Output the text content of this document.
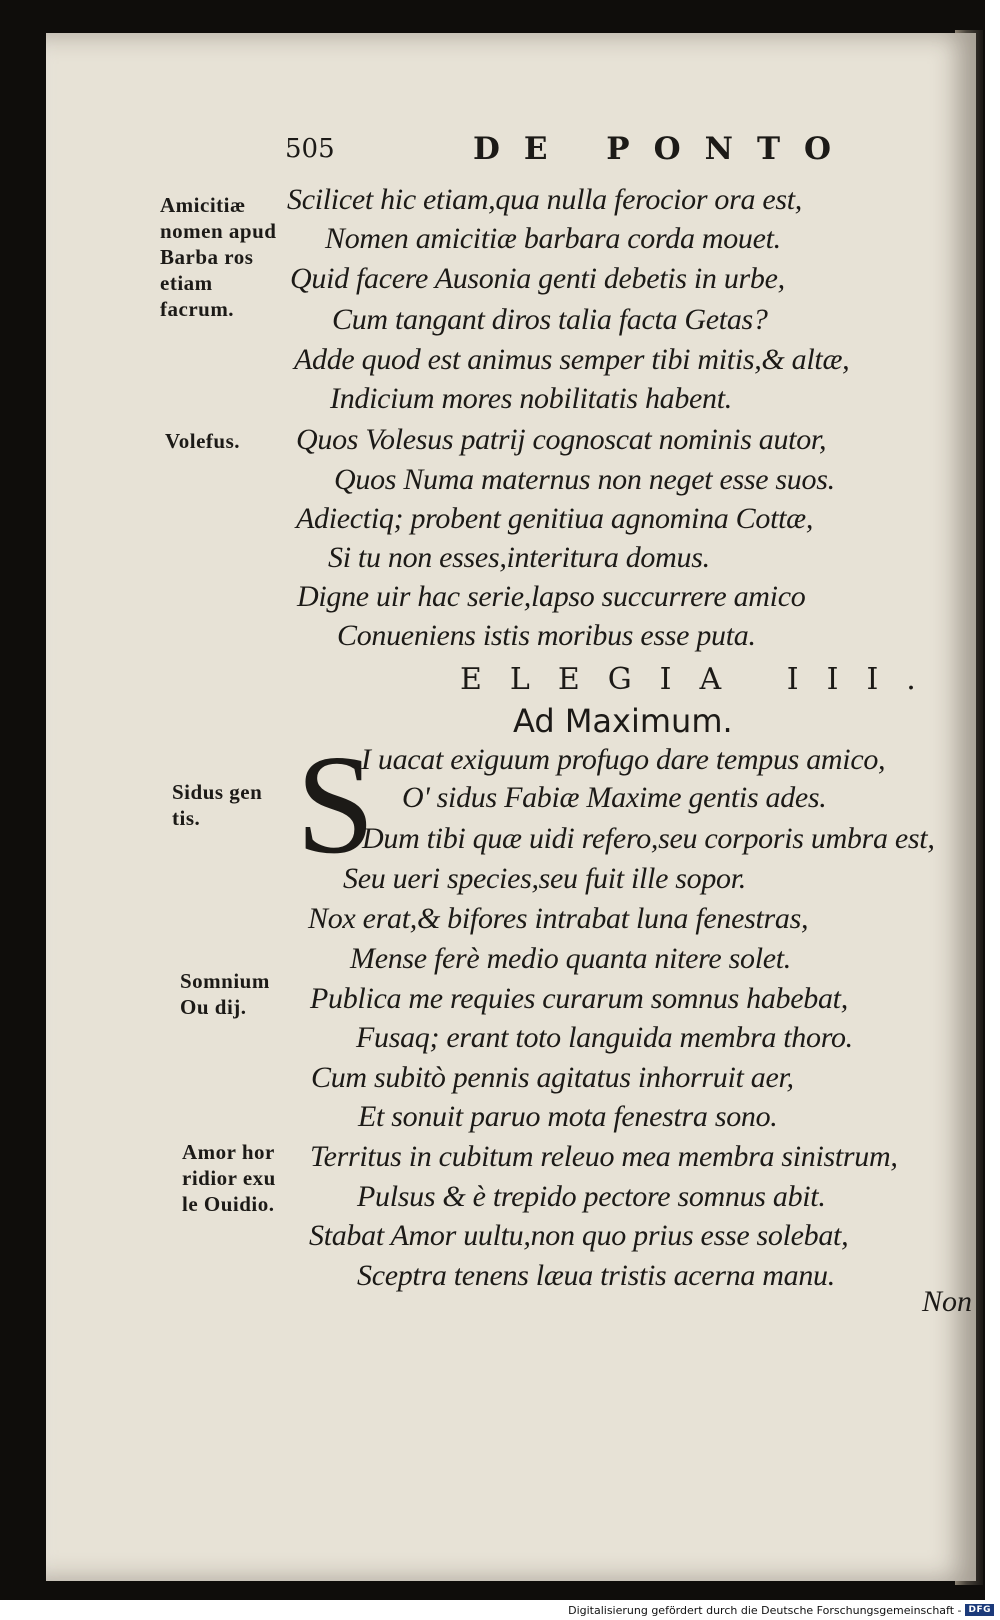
505	DE PONTO
Amicitiæ nomen apud Barba ros etiam facrum.
Volefus.
Sidus gen tis.
Somnium Ou dij.
Amor hor ridior exu le Ouidio.
Scilicet hic etiam,qua nulla ferocior ora est,
Nomen amicitiæ barbara corda mouet.
Quid facere Ausonia genti debetis in urbe,
Cum tangant diros talia facta Getas?
Adde quod est animus semper tibi mitis,& altæ,
Indicium mores nobilitatis habent.
Quos Volesus patrij cognoscat nominis autor,
Quos Numa maternus non neget esse suos.
Adiectiq; probent genitiua agnomina Cottæ,
Si tu non esses,interitura domus.
Digne uir hac serie,lapso succurrere amico
Conueniens istis moribus esse puta.
ELEGIA III.
Ad Maximum.
S
I uacat exiguum profugo dare tempus amico,
O' sidus Fabiæ Maxime gentis ades.
Dum tibi quæ uidi refero,seu corporis umbra est,
Seu ueri species,seu fuit ille sopor.
Nox erat,& bifores intrabat luna fenestras,
Mense ferè medio quanta nitere solet.
Publica me requies curarum somnus habebat,
Fusaq; erant toto languida membra thoro.
Cum subitò pennis agitatus inhorruit aer,
Et sonuit paruo mota fenestra sono.
Territus in cubitum releuo mea membra sinistrum,
Pulsus & è trepido pectore somnus abit.
Stabat Amor uultu,non quo prius esse solebat,
Sceptra tenens læua tristis acerna manu.
Non
Digitalisierung gefördert durch die Deutsche Forschungsgemeinschaft - DFG
